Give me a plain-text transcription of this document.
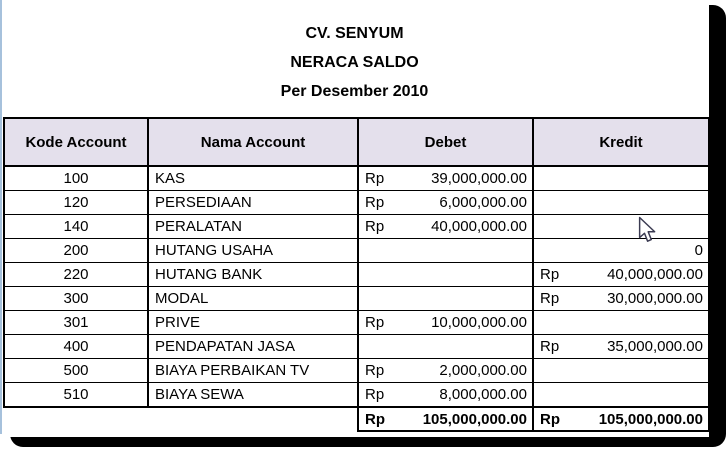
CV. SENYUM
NERACA SALDO
Per Desember 2010
Kode Account	Nama Account	Debet	Kredit
100	KAS	Rp 39,000,000.00	

120	PERSEDIAAN	Rp 6,000,000.00	

140	PERALATAN	Rp 40,000,000.00	

200	HUTANG USAHA		0

220	HUTANG BANK		Rp 40,000,000.00

300	MODAL		Rp 30,000,000.00

301	PRIVE	Rp 10,000,000.00	

400	PENDAPATAN JASA		Rp 35,000,000.00

500	BIAYA PERBAIKAN TV	Rp 2,000,000.00	

510	BIAYA SEWA	Rp 8,000,000.00	

		Rp 105,000,000.00	Rp 105,000,000.00
